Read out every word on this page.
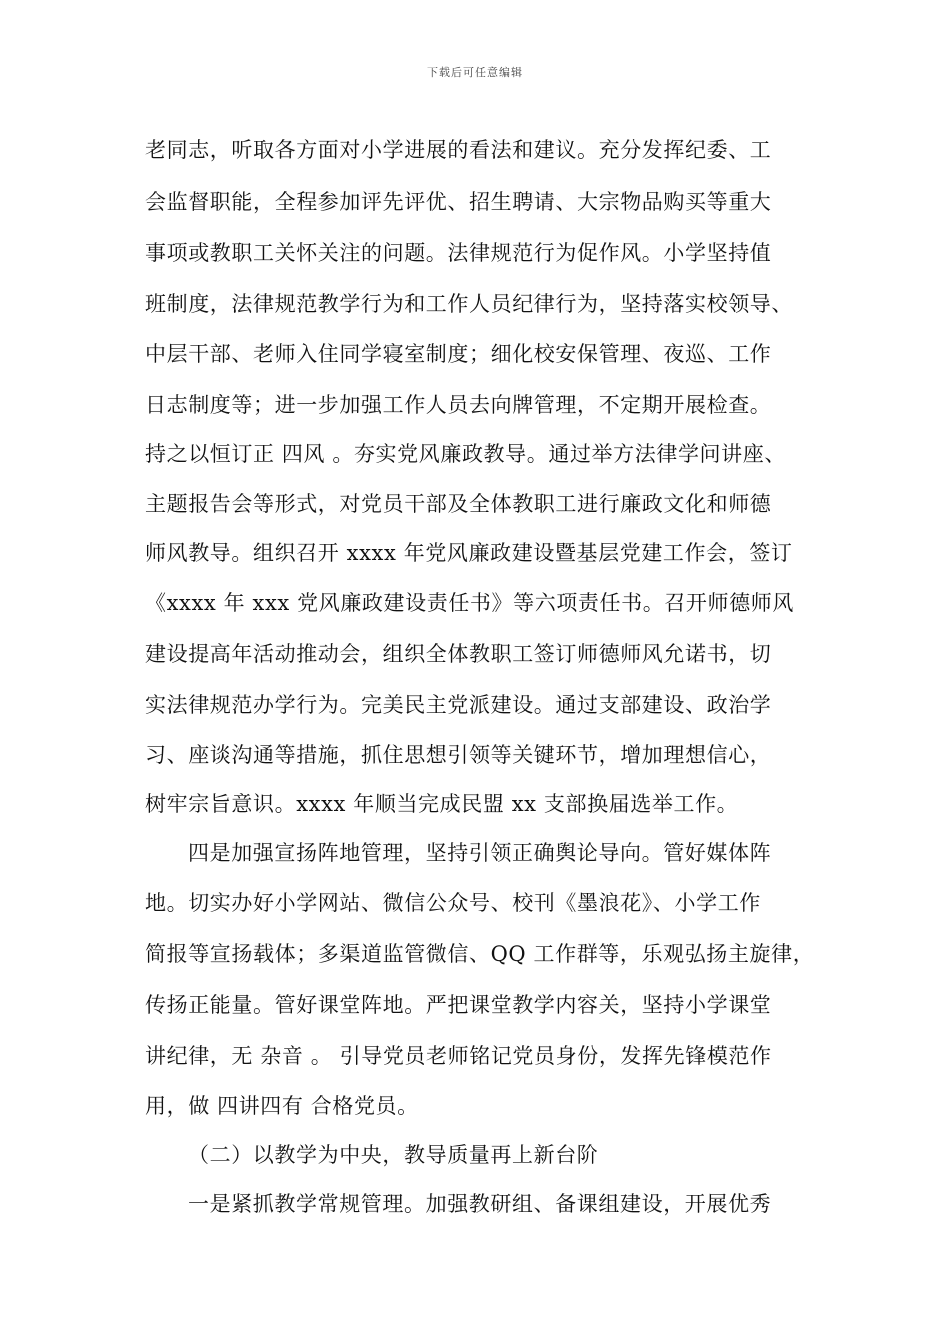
下载后可任意编辑
老同志，听取各方面对小学进展的看法和建议。充分发挥纪委、工
会监督职能，全程参加评先评优、招生聘请、大宗物品购买等重大
事项或教职工关怀关注的问题。法律规范行为促作风。小学坚持值
班制度，法律规范教学行为和工作人员纪律行为，坚持落实校领导、
中层干部、老师入住同学寝室制度；细化校安保管理、夜巡、工作
日志制度等；进一步加强工作人员去向牌管理，不定期开展检查。
持之以恒订正 四风 。夯实党风廉政教导。通过举方法律学问讲座、
主题报告会等形式，对党员干部及全体教职工进行廉政文化和师德
师风教导。组织召开 xxxx 年党风廉政建设暨基层党建工作会，签订
《xxxx 年 xxx 党风廉政建设责任书》等六项责任书。召开师德师风
建设提高年活动推动会，组织全体教职工签订师德师风允诺书，切
实法律规范办学行为。完美民主党派建设。通过支部建设、政治学
习、座谈沟通等措施，抓住思想引领等关键环节，增加理想信心，
树牢宗旨意识。xxxx 年顺当完成民盟 xx 支部换届选举工作。
四是加强宣扬阵地管理，坚持引领正确舆论导向。管好媒体阵
地。切实办好小学网站、微信公众号、校刊《墨浪花》、小学工作
简报等宣扬载体；多渠道监管微信、QQ 工作群等，乐观弘扬主旋律，
传扬正能量。管好课堂阵地。严把课堂教学内容关，坚持小学课堂
讲纪律，无 杂音 。 引导党员老师铭记党员身份，发挥先锋模范作
用，做 四讲四有 合格党员。
（二）以教学为中央，教导质量再上新台阶
一是紧抓教学常规管理。加强教研组、备课组建设，开展优秀
